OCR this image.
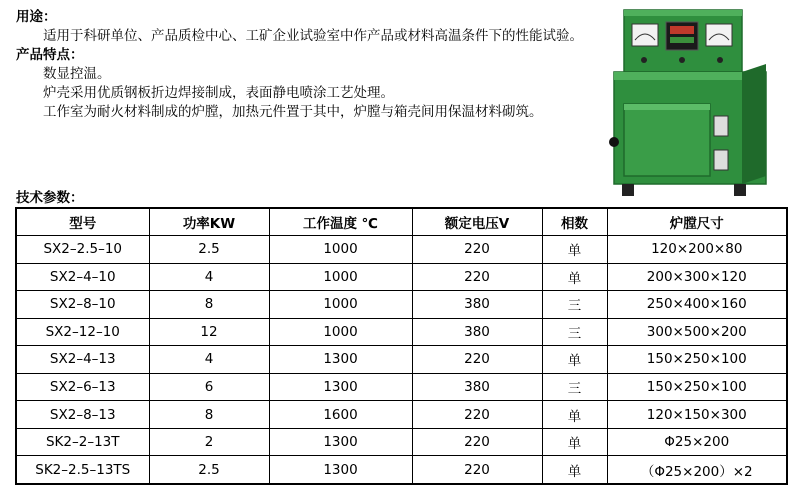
用途：

适用于科研单位、产品质检中心、工矿企业试验室中作产品或材料高温条件下的性能试验。

产品特点：

数显控温。

炉壳采用优质钢板折边焊接制成，表面静电喷涂工艺处理。

工作室为耐火材料制成的炉膛，加热元件置于其中，炉膛与箱壳间用保温材料砌筑。

技术参数：
型号	功率KW	工作温度 ℃	额定电压V	相数	炉膛尺寸
SX2–2.5–10	2.5	1000	220	单	120×200×80
SX2–4–10	4	1000	220	单	200×300×120
SX2–8–10	8	1000	380	三	250×400×160
SX2–12–10	12	1000	380	三	300×500×200
SX2–4–13	4	1300	220	单	150×250×100
SX2–6–13	6	1300	380	三	150×250×100
SX2–8–13	8	1600	220	单	120×150×300
SK2–2–13T	2	1300	220	单	Φ25×200
SK2–2.5–13TS	2.5	1300	220	单	（Φ25×200）×2
